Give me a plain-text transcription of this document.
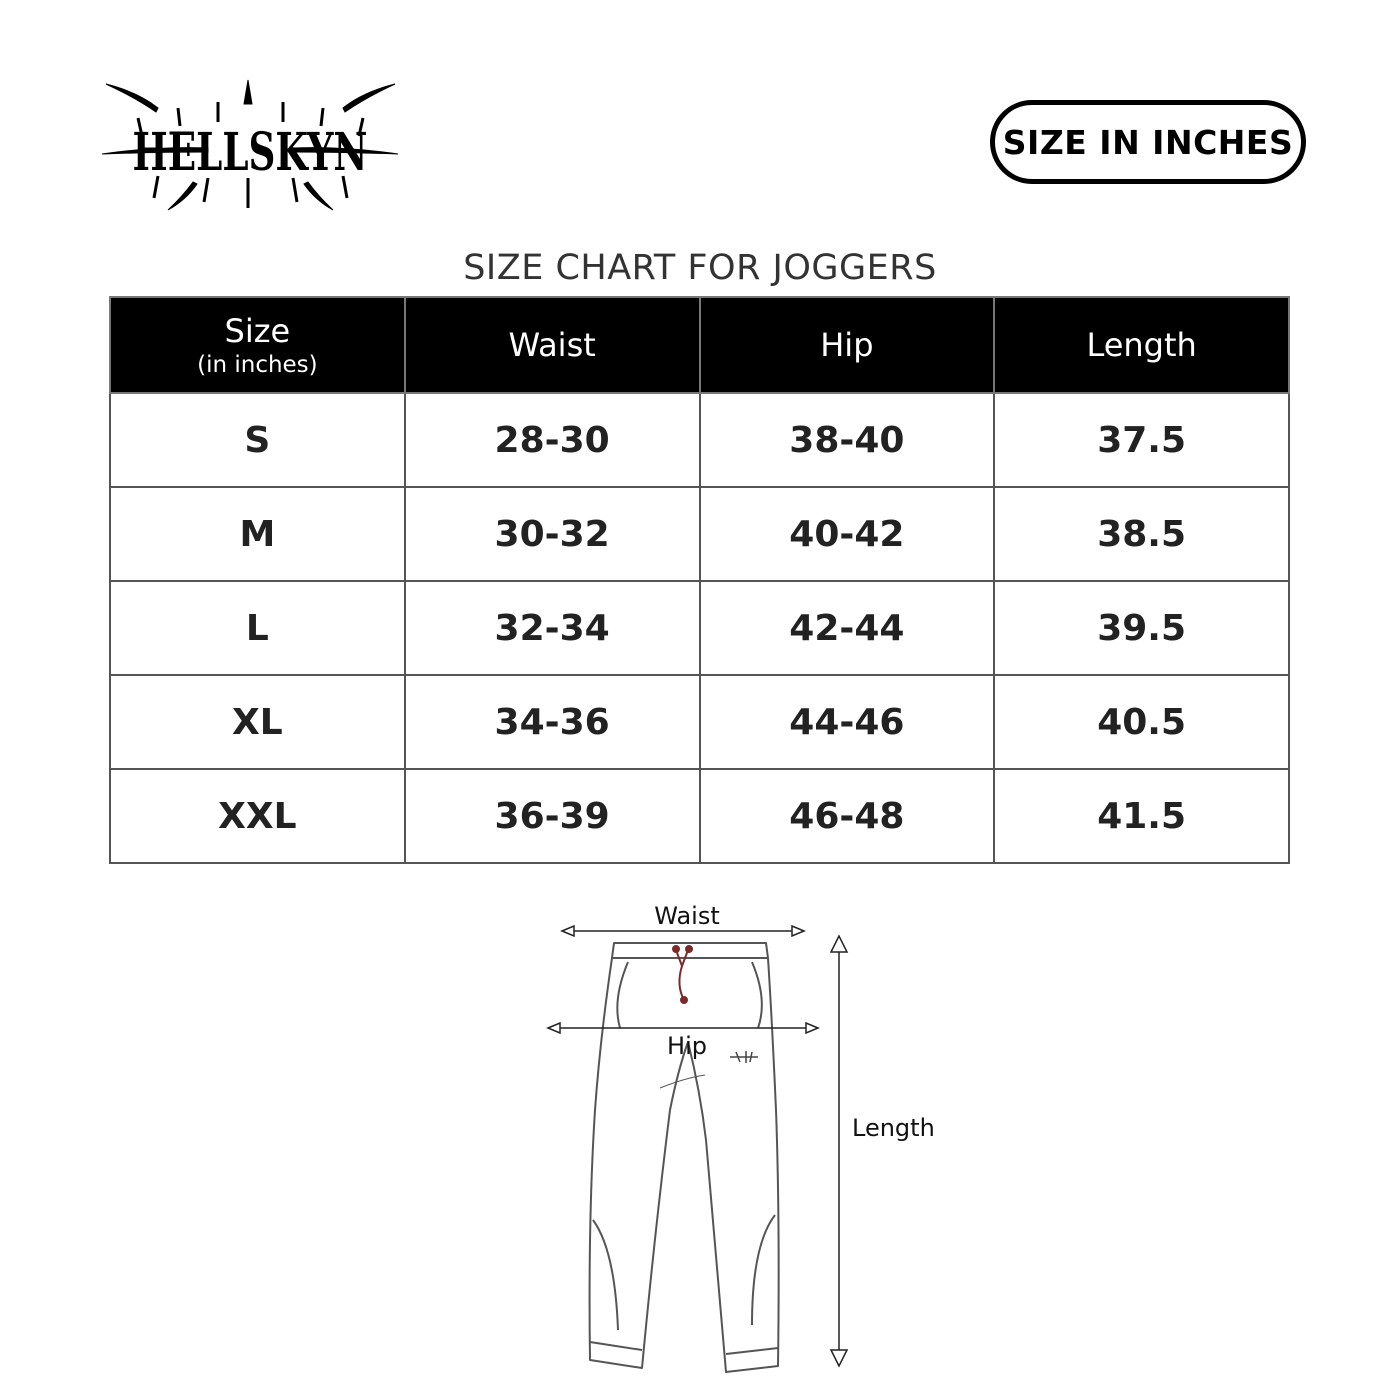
HELLSKYN	SIZE IN INCHES
SIZE CHART FOR JOGGERS
Size
(in inches)	Waist	Hip	Length
S	28-30	38-40	37.5
M	30-32	40-42	38.5
L	32-34	42-44	39.5
XL	34-36	44-46	40.5
XXL	36-39	46-48	41.5
Waist
Hip
Length
